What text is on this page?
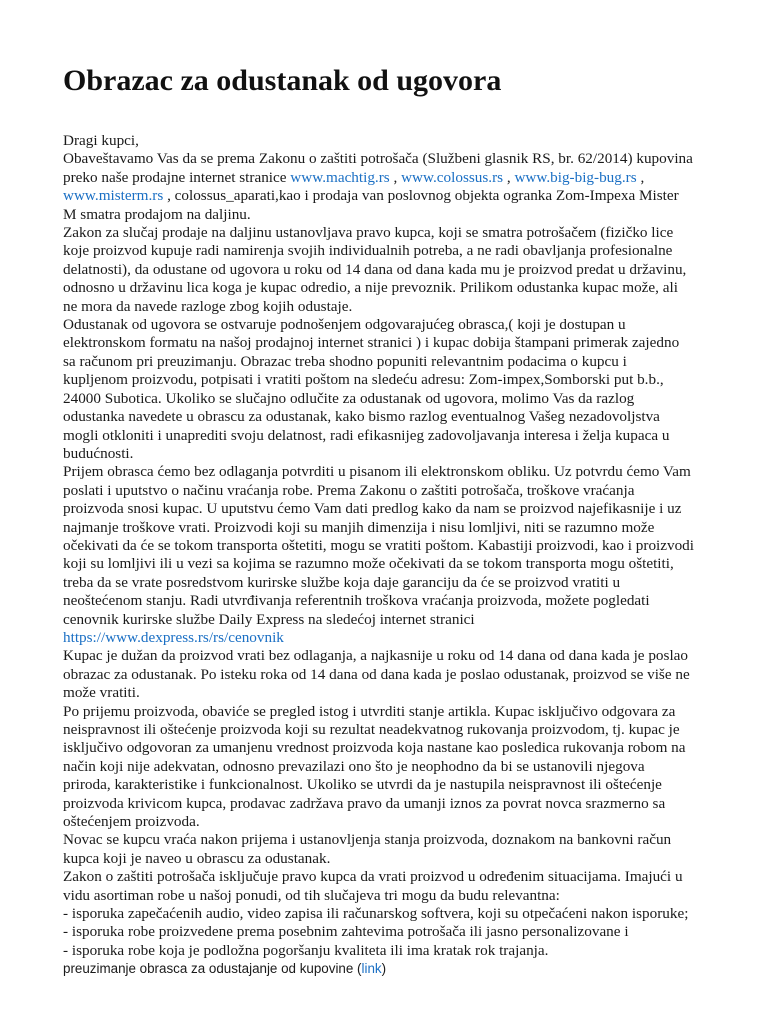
Obrazac za odustanak od ugovora

Dragi kupci,

Obaveštavamo Vas da se prema Zakonu o zaštiti potrošača (Službeni glasnik RS, br. 62/2014) kupovina preko naše prodajne internet stranice www.machtig.rs , www.colossus.rs , www.big-big-bug.rs , www.misterm.rs , colossus_aparati,kao i prodaja van poslovnog objekta ogranka Zom-Impexa Mister M smatra prodajom na daljinu.

Zakon za slučaj prodaje na daljinu ustanovljava pravo kupca, koji se smatra potrošačem (fizičko lice koje proizvod kupuje radi namirenja svojih individualnih potreba, a ne radi obavljanja profesionalne delatnosti), da odustane od ugovora u roku od 14 dana od dana kada mu je proizvod predat u državinu, odnosno u državinu lica koga je kupac odredio, a nije prevoznik. Prilikom odustanka kupac može, ali ne mora da navede razloge zbog kojih odustaje.

Odustanak od ugovora se ostvaruje podnošenjem odgovarajućeg obrasca,( koji je dostupan u elektronskom formatu na našoj prodajnoj internet stranici ) i kupac dobija štampani primerak zajedno sa računom pri preuzimanju. Obrazac treba shodno popuniti relevantnim podacima o kupcu i kupljenom proizvodu, potpisati i vratiti poštom na sledeću adresu: Zom-impex,Somborski put b.b., 24000 Subotica. Ukoliko se slučajno odlučite za odustanak od ugovora, molimo Vas da razlog odustanka navedete u obrascu za odustanak, kako bismo razlog eventualnog Vašeg nezadovoljstva mogli otkloniti i unaprediti svoju delatnost, radi efikasnijeg zadovoljavanja interesa i želja kupaca u budućnosti.

Prijem obrasca ćemo bez odlaganja potvrditi u pisanom ili elektronskom obliku. Uz potvrdu ćemo Vam poslati i uputstvo o načinu vraćanja robe. Prema Zakonu o zaštiti potrošača, troškove vraćanja proizvoda snosi kupac. U uputstvu ćemo Vam dati predlog kako da nam se proizvod najefikasnije i uz najmanje troškove vrati. Proizvodi koji su manjih dimenzija i nisu lomljivi, niti se razumno može očekivati da će se tokom transporta oštetiti, mogu se vratiti poštom. Kabastiji proizvodi, kao i proizvodi koji su lomljivi ili u vezi sa kojima se razumno može očekivati da se tokom transporta mogu oštetiti, treba da se vrate posredstvom kurirske službe koja daje garanciju da će se proizvod vratiti u neoštećenom stanju. Radi utvrđivanja referentnih troškova vraćanja proizvoda, možete pogledati cenovnik kurirske službe Daily Express na sledećoj internet stranici https://www.dexpress.rs/rs/cenovnik

Kupac je dužan da proizvod vrati bez odlaganja, a najkasnije u roku od 14 dana od dana kada je poslao obrazac za odustanak. Po isteku roka od 14 dana od dana kada je poslao odustanak, proizvod se više ne može vratiti.

Po prijemu proizvoda, obaviće se pregled istog i utvrditi stanje artikla. Kupac isključivo odgovara za neispravnost ili oštećenje proizvoda koji su rezultat neadekvatnog rukovanja proizvodom, tj. kupac je isključivo odgovoran za umanjenu vrednost proizvoda koja nastane kao posledica rukovanja robom na način koji nije adekvatan, odnosno prevazilazi ono što je neophodno da bi se ustanovili njegova priroda, karakteristike i funkcionalnost. Ukoliko se utvrdi da je nastupila neispravnost ili oštećenje proizvoda krivicom kupca, prodavac zadržava pravo da umanji iznos za povrat novca srazmerno sa oštećenjem proizvoda.

Novac se kupcu vraća nakon prijema i ustanovljenja stanja proizvoda, doznakom na bankovni račun kupca koji je naveo u obrascu za odustanak.

Zakon o zaštiti potrošača isključuje pravo kupca da vrati proizvod u određenim situacijama. Imajući u vidu asortiman robe u našoj ponudi, od tih slučajeva tri mogu da budu relevantna:

- isporuka zapečaćenih audio, video zapisa ili računarskog softvera, koji su otpečaćeni nakon isporuke;

- isporuka robe proizvedene prema posebnim zahtevima potrošača ili jasno personalizovane i

- isporuka robe koja je podložna pogoršanju kvaliteta ili ima kratak rok trajanja.

preuzimanje obrasca za odustajanje od kupovine (link)
